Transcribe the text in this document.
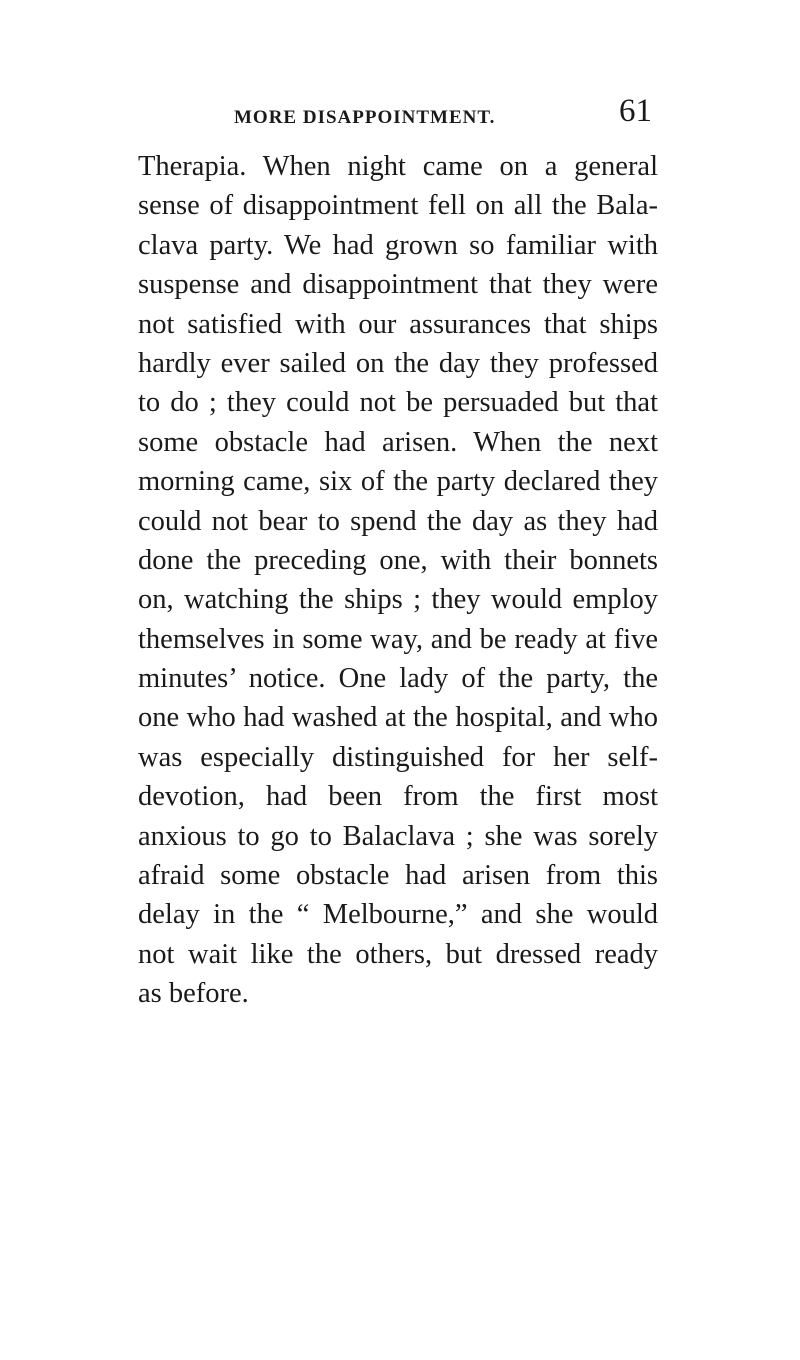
MORE DISAPPOINTMENT.	61
Therapia. When night came on a general
sense of disappointment fell on all the Bala-
clava party. We had grown so familiar with
suspense and disappointment that they were
not satisfied with our assurances that ships
hardly ever sailed on the day they professed
to do ; they could not be persuaded but that
some obstacle had arisen. When the next
morning came, six of the party declared they
could not bear to spend the day as they had
done the preceding one, with their bonnets
on, watching the ships ; they would employ
themselves in some way, and be ready at five
minutes’ notice. One lady of the party, the
one who had washed at the hospital, and who
was especially distinguished for her self-
devotion, had been from the first most
anxious to go to Balaclava ; she was sorely
afraid some obstacle had arisen from this
delay in the “ Melbourne,” and she would
not wait like the others, but dressed ready
as before.
